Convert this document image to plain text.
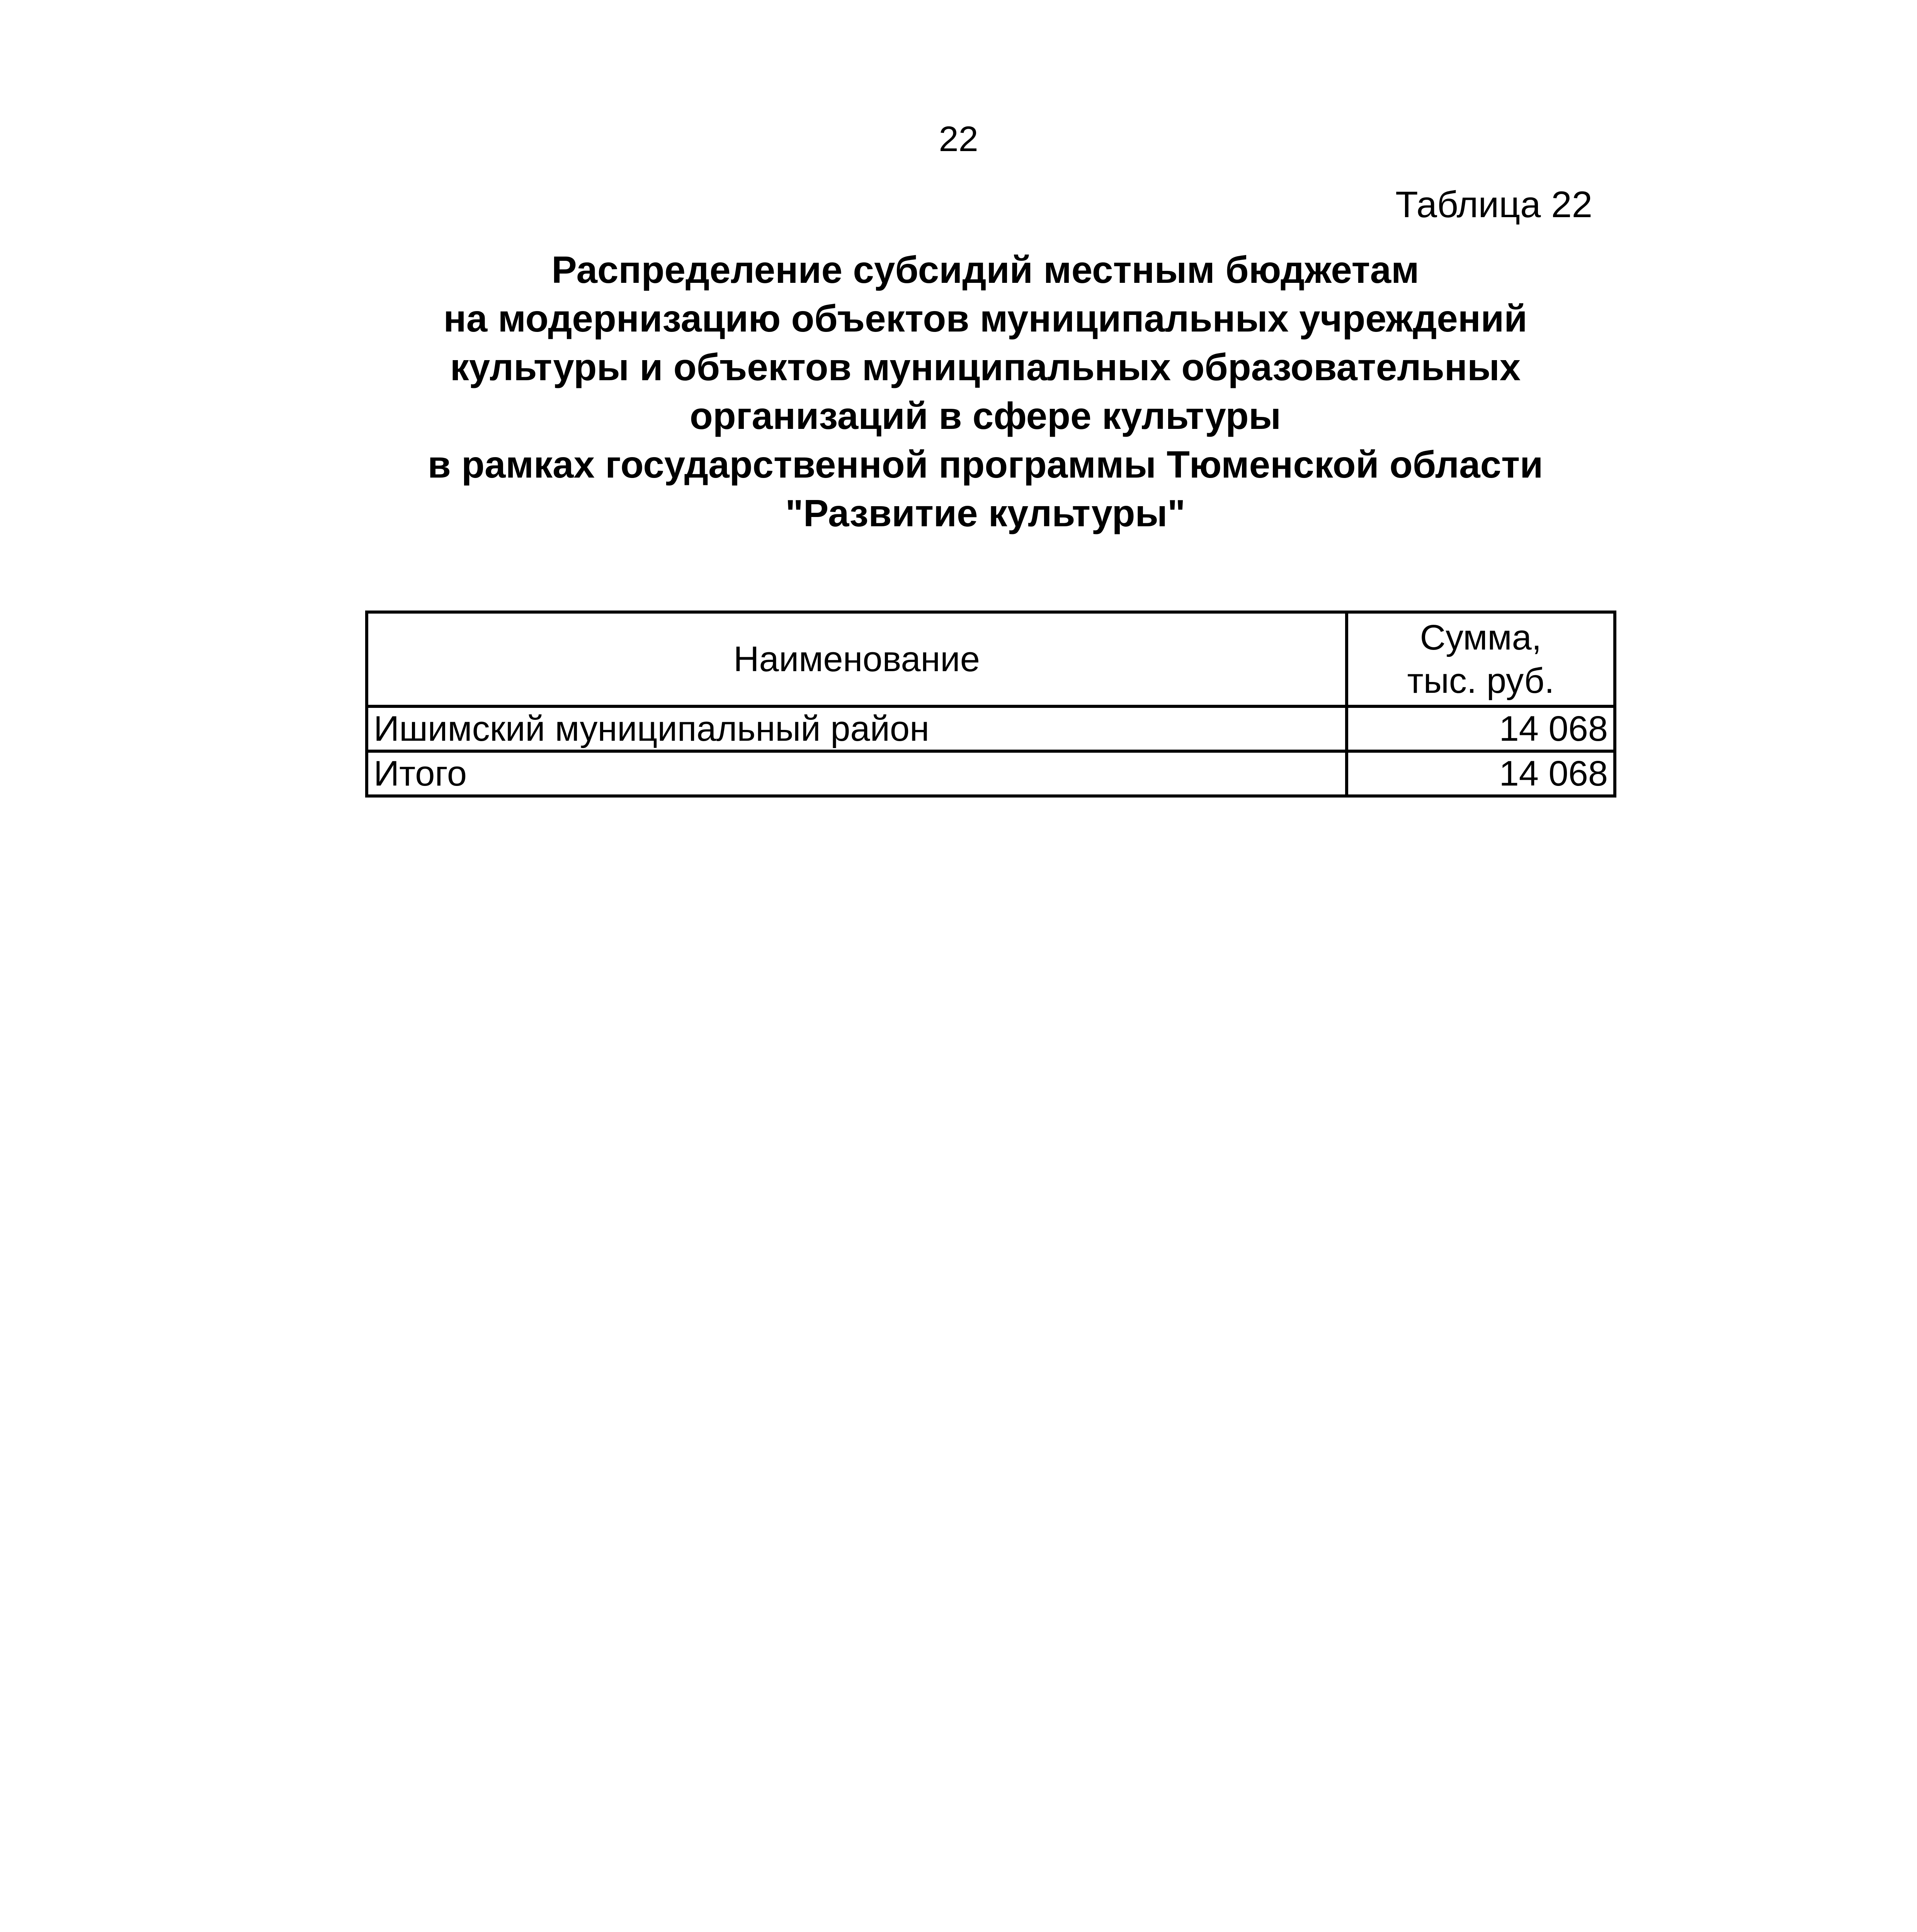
22
Таблица 22
Распределение субсидий местным бюджетам
на модернизацию объектов муниципальных учреждений
культуры и объектов муниципальных образовательных
организаций в сфере культуры
в рамках государственной программы Тюменской области
"Развитие культуры"
Наименование	Сумма,
тыс. руб.

Ишимский муниципальный район	14 068
Итого	14 068
